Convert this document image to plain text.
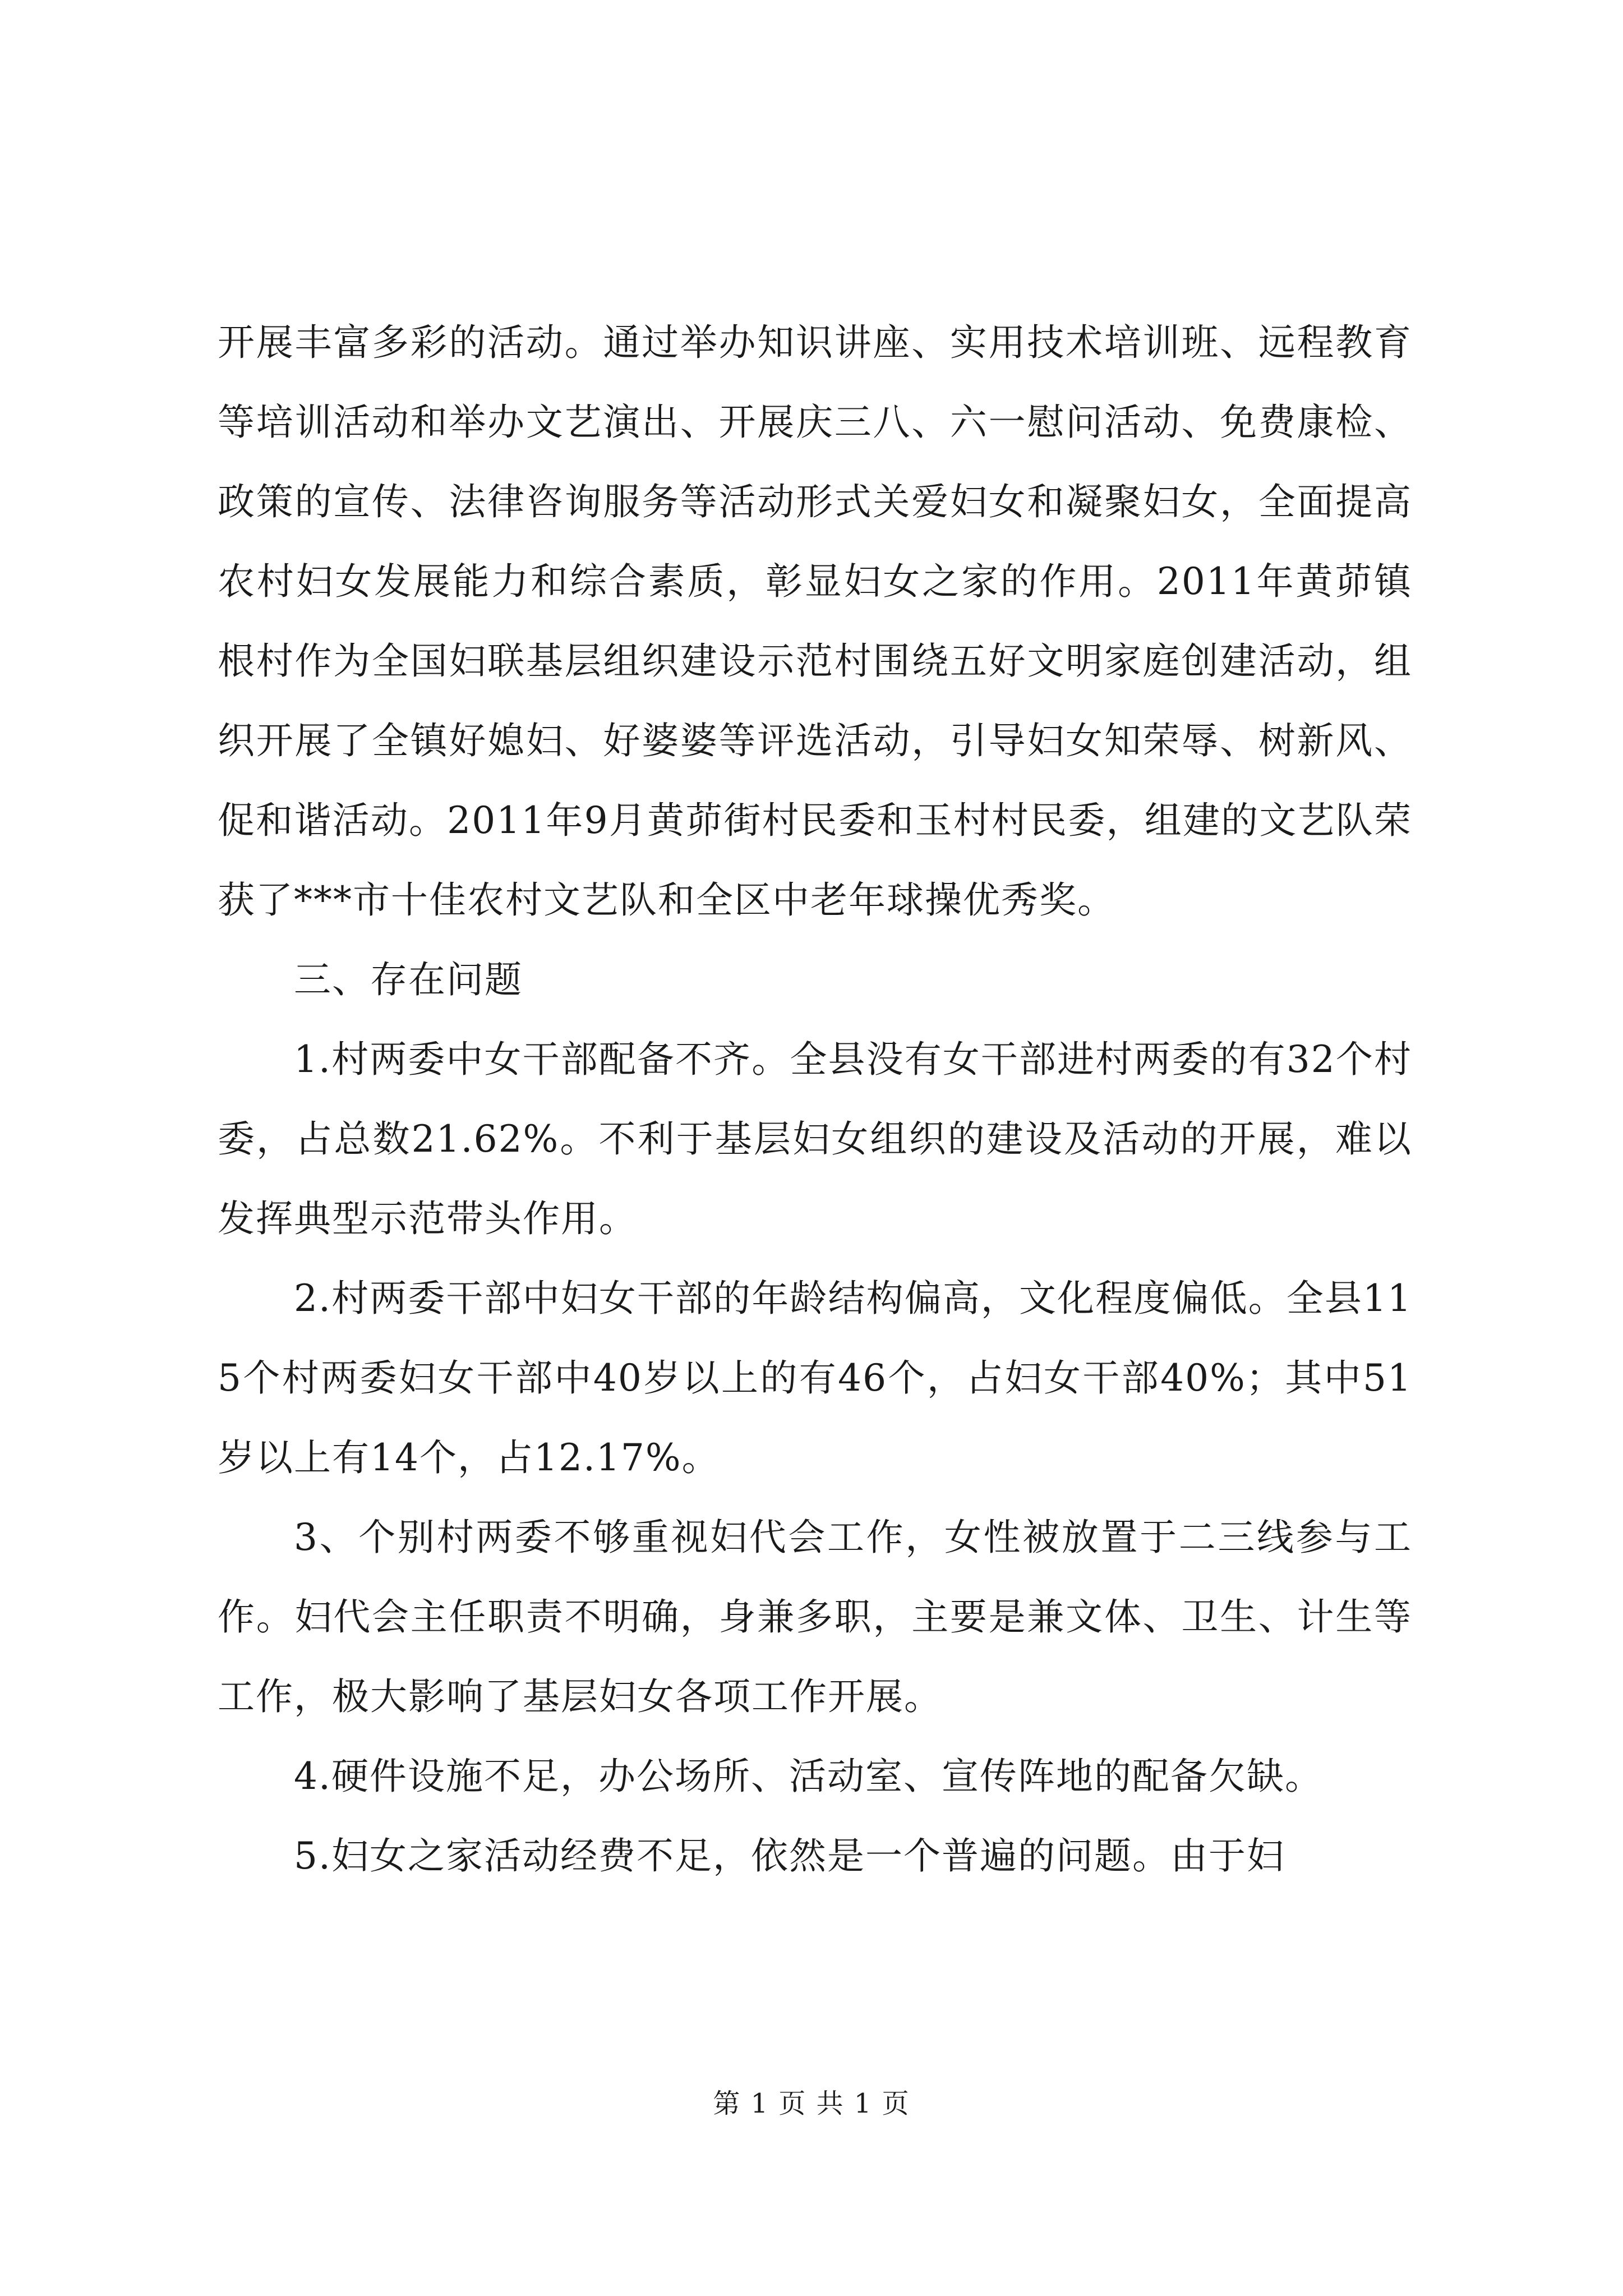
开展丰富多彩的活动。通过举办知识讲座、实用技术培训班、远程教育等培训活动和举办文艺演出、开展庆三八、六一慰问活动、免费康检、政策的宣传、法律咨询服务等活动形式关爱妇女和凝聚妇女，全面提高农村妇女发展能力和综合素质，彰显妇女之家的作用。2011年黄茆镇根村作为全国妇联基层组织建设示范村围绕五好文明家庭创建活动，组织开展了全镇好媳妇、好婆婆等评选活动，引导妇女知荣辱、树新风、促和谐活动。2011年9月黄茆街村民委和玉村村民委，组建的文艺队荣获了***市十佳农村文艺队和全区中老年球操优秀奖。

三、存在问题

1.村两委中女干部配备不齐。全县没有女干部进村两委的有32个村委，占总数21.62%。不利于基层妇女组织的建设及活动的开展，难以发挥典型示范带头作用。

2.村两委干部中妇女干部的年龄结构偏高，文化程度偏低。全县115个村两委妇女干部中40岁以上的有46个，占妇女干部40%；其中51岁以上有14个，占12.17%。

3、个别村两委不够重视妇代会工作，女性被放置于二三线参与工作。妇代会主任职责不明确，身兼多职，主要是兼文体、卫生、计生等工作，极大影响了基层妇女各项工作开展。

4.硬件设施不足，办公场所、活动室、宣传阵地的配备欠缺。

5.妇女之家活动经费不足，依然是一个普遍的问题。由于妇

第 1 页 共 1 页
